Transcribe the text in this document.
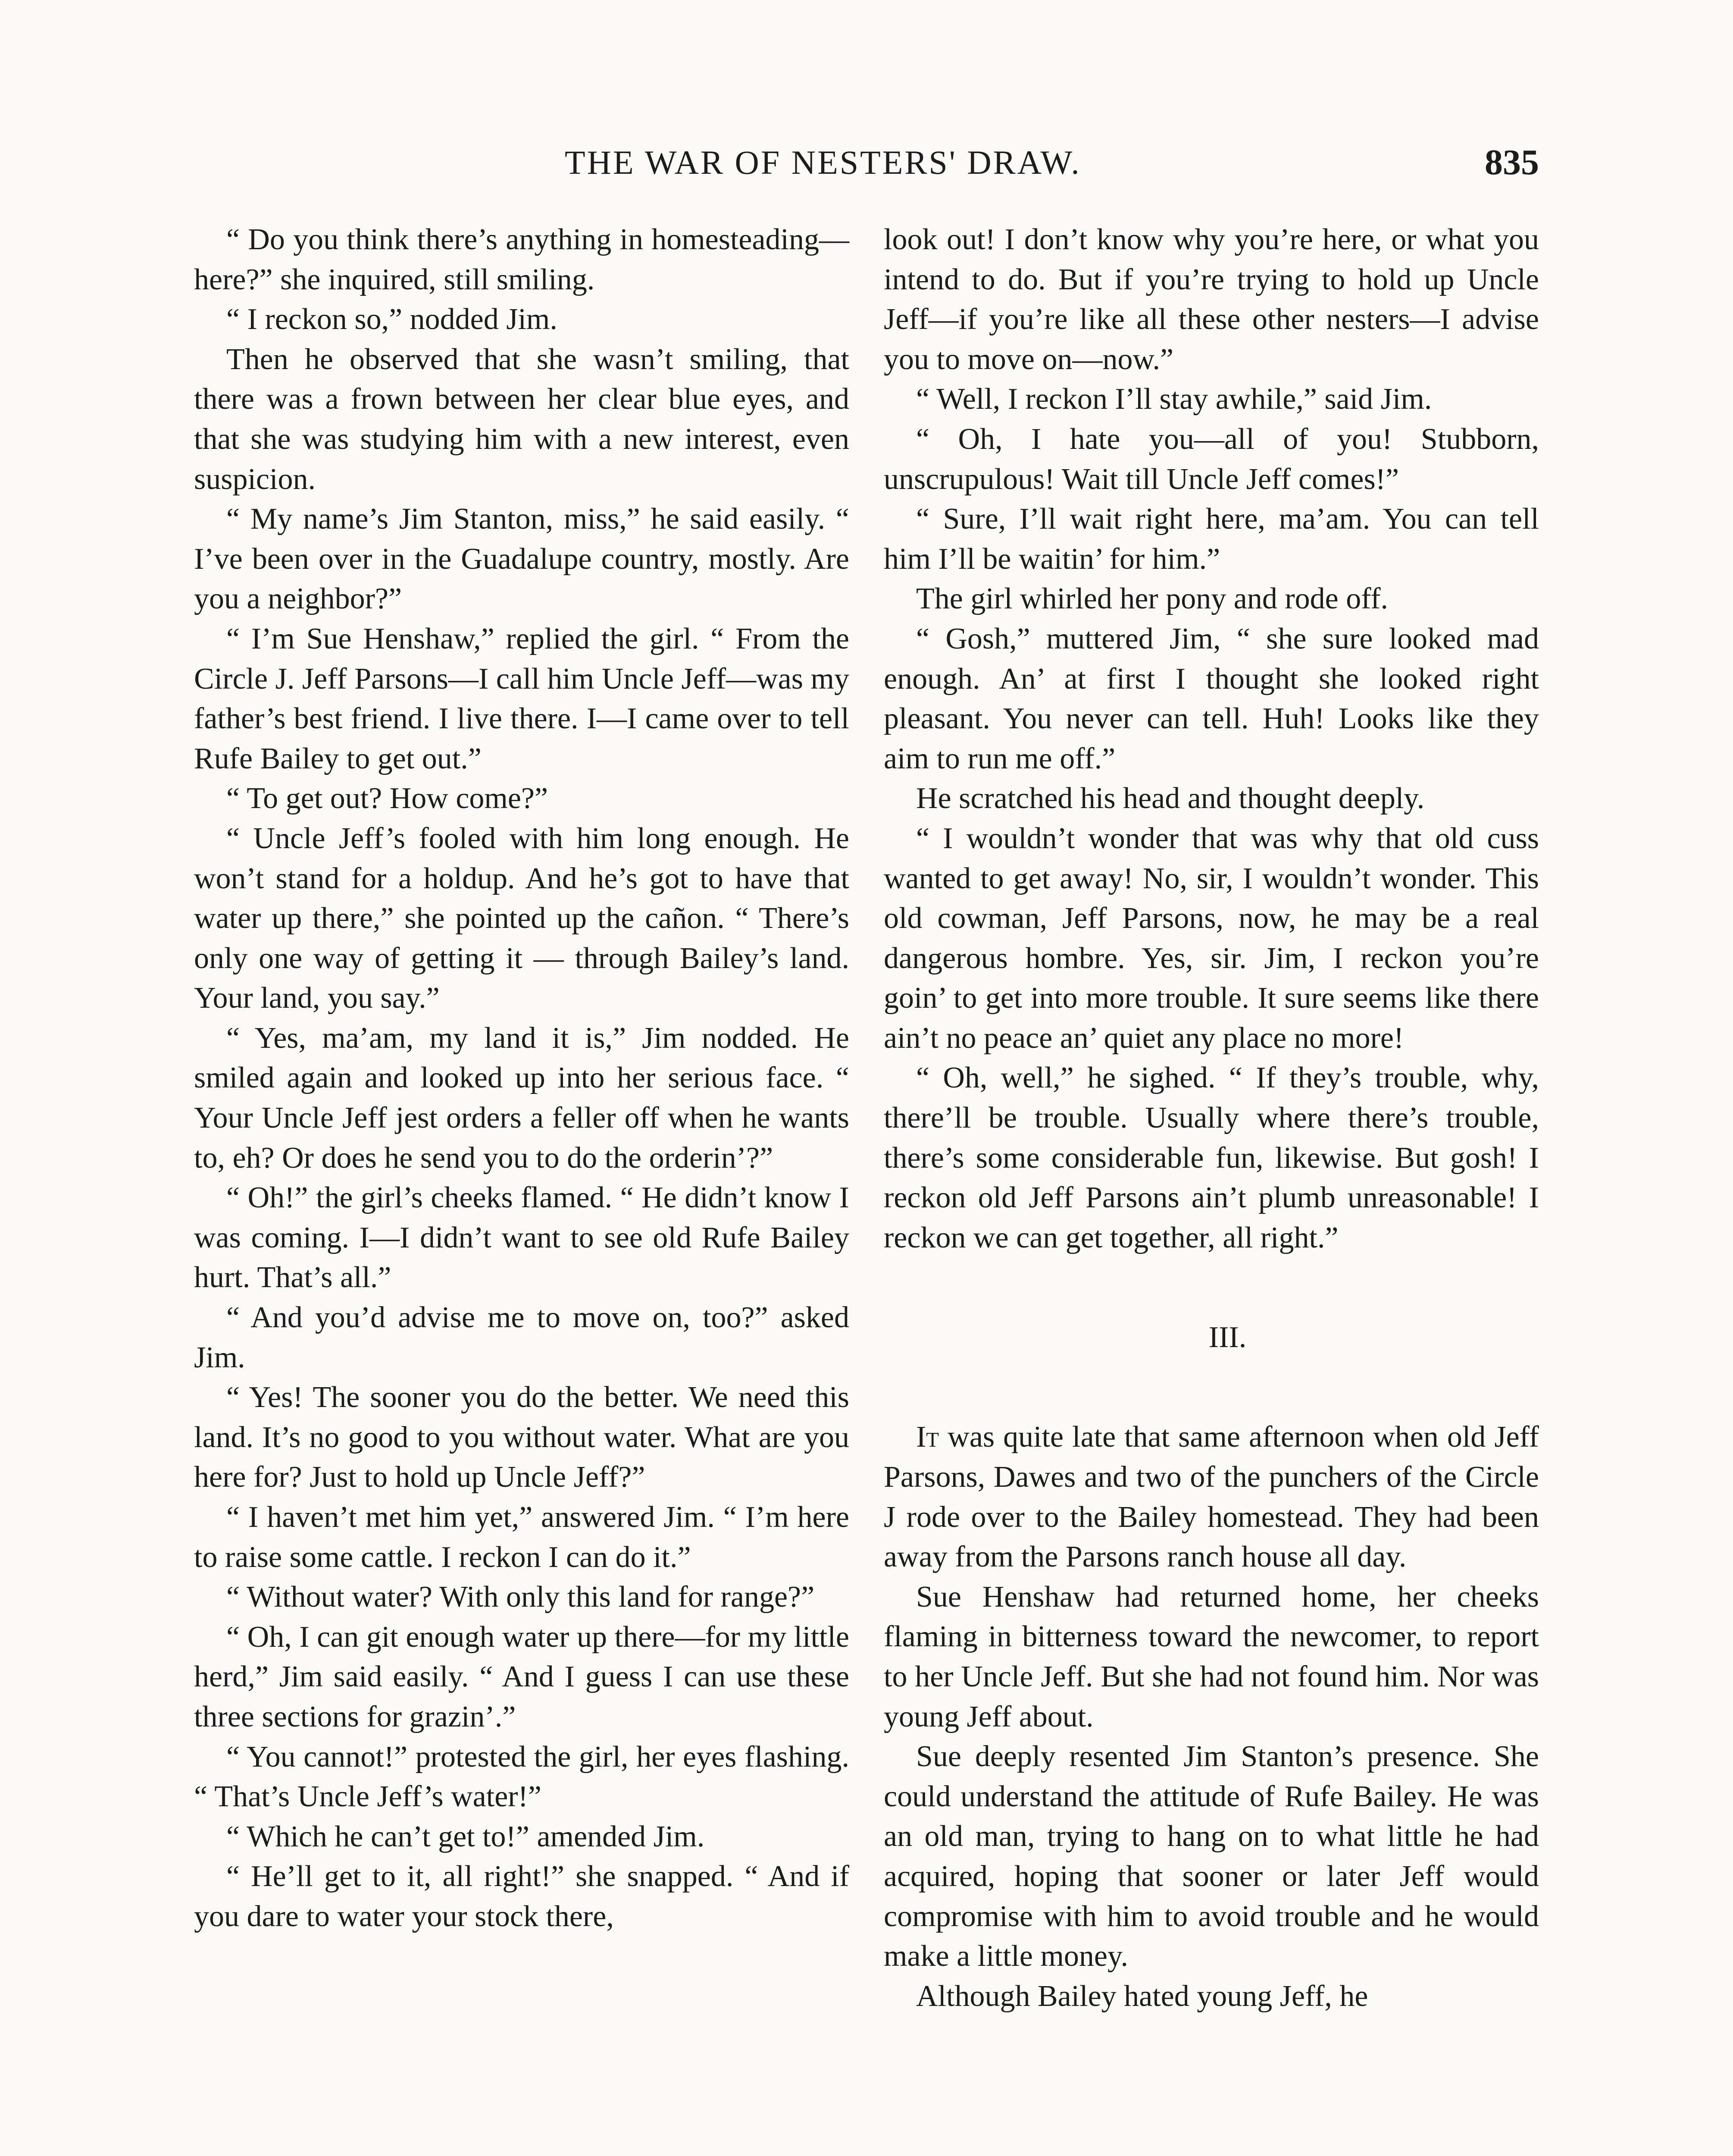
THE WAR OF NESTERS' DRAW.	835

“ Do you think there’s anything in homesteading—here?” she inquired, still smiling.

“ I reckon so,” nodded Jim.

Then he observed that she wasn’t smiling, that there was a frown between her clear blue eyes, and that she was studying him with a new interest, even suspicion.

“ My name’s Jim Stanton, miss,” he said easily. “ I’ve been over in the Guadalupe country, mostly. Are you a neighbor?”

“ I’m Sue Henshaw,” replied the girl. “ From the Circle J. Jeff Parsons—I call him Uncle Jeff—was my father’s best friend. I live there. I—I came over to tell Rufe Bailey to get out.”

“ To get out? How come?”

“ Uncle Jeff’s fooled with him long enough. He won’t stand for a holdup. And he’s got to have that water up there,” she pointed up the cañon. “ There’s only one way of getting it — through Bailey’s land. Your land, you say.”

“ Yes, ma’am, my land it is,” Jim nodded. He smiled again and looked up into her serious face. “ Your Uncle Jeff jest orders a feller off when he wants to, eh? Or does he send you to do the orderin’?”

“ Oh!” the girl’s cheeks flamed. “ He didn’t know I was coming. I—I didn’t want to see old Rufe Bailey hurt. That’s all.”

“ And you’d advise me to move on, too?” asked Jim.

“ Yes! The sooner you do the better. We need this land. It’s no good to you without water. What are you here for? Just to hold up Uncle Jeff?”

“ I haven’t met him yet,” answered Jim. “ I’m here to raise some cattle. I reckon I can do it.”

“ Without water? With only this land for range?”

“ Oh, I can git enough water up there—for my little herd,” Jim said easily. “ And I guess I can use these three sections for grazin’.”

“ You cannot!” protested the girl, her eyes flashing. “ That’s Uncle Jeff’s water!”

“ Which he can’t get to!” amended Jim.

“ He’ll get to it, all right!” she snapped. “ And if you dare to water your stock there,

look out! I don’t know why you’re here, or what you intend to do. But if you’re trying to hold up Uncle Jeff—if you’re like all these other nesters—I advise you to move on—now.”

“ Well, I reckon I’ll stay awhile,” said Jim.

“ Oh, I hate you—all of you! Stubborn, unscrupulous! Wait till Uncle Jeff comes!”

“ Sure, I’ll wait right here, ma’am. You can tell him I’ll be waitin’ for him.”

The girl whirled her pony and rode off.

“ Gosh,” muttered Jim, “ she sure looked mad enough. An’ at first I thought she looked right pleasant. You never can tell. Huh! Looks like they aim to run me off.”

He scratched his head and thought deeply.

“ I wouldn’t wonder that was why that old cuss wanted to get away! No, sir, I wouldn’t wonder. This old cowman, Jeff Parsons, now, he may be a real dangerous hombre. Yes, sir. Jim, I reckon you’re goin’ to get into more trouble. It sure seems like there ain’t no peace an’ quiet any place no more!

“ Oh, well,” he sighed. “ If they’s trouble, why, there’ll be trouble. Usually where there’s trouble, there’s some considerable fun, likewise. But gosh! I reckon old Jeff Parsons ain’t plumb unreasonable! I reckon we can get together, all right.”

III.

It was quite late that same afternoon when old Jeff Parsons, Dawes and two of the punchers of the Circle J rode over to the Bailey homestead. They had been away from the Parsons ranch house all day.

Sue Henshaw had returned home, her cheeks flaming in bitterness toward the newcomer, to report to her Uncle Jeff. But she had not found him. Nor was young Jeff about.

Sue deeply resented Jim Stanton’s presence. She could understand the attitude of Rufe Bailey. He was an old man, trying to hang on to what little he had acquired, hoping that sooner or later Jeff would compromise with him to avoid trouble and he would make a little money.

Although Bailey hated young Jeff, he
